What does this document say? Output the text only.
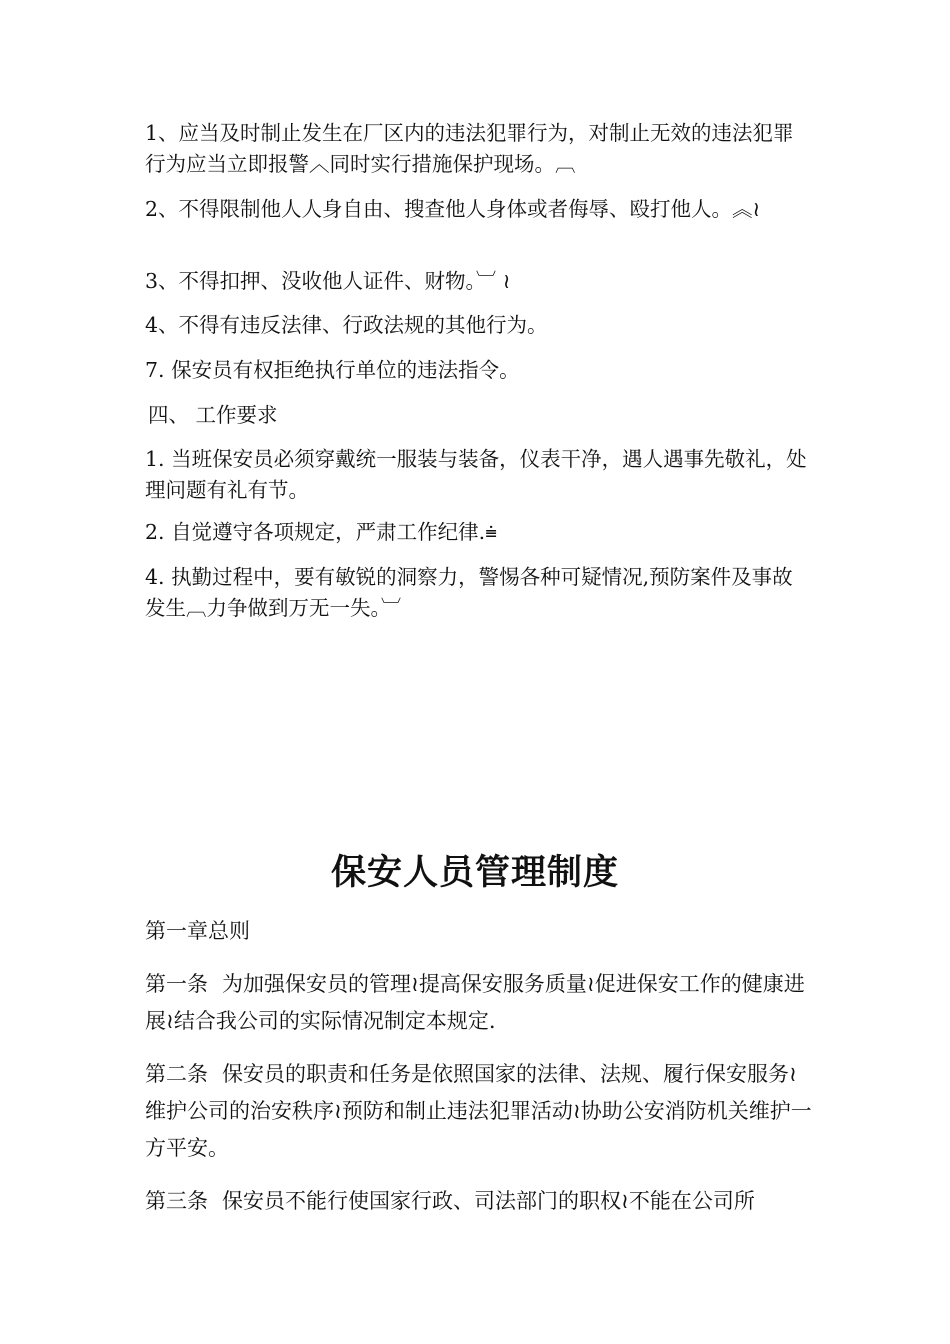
1、应当及时制止发生在厂区内的违法犯罪行为，对制止无效的违法犯罪行为应当立即报警︿同时实行措施保护现场。︹
2、不得限制他人人身自由、搜查他人身体或者侮辱、殴打他人。︽≀
3、不得扣押、没收他人证件、财物。︺ ≀
4、不得有违反法律、行政法规的其他行为。
7. 保安员有权拒绝执行单位的违法指令。
四、 工作要求
1. 当班保安员必须穿戴统一服装与装备，仪表干净，遇人遇事先敬礼，处理问题有礼有节。
2. 自觉遵守各项规定，严肃工作纪律.⩧
4. 执勤过程中，要有敏锐的洞察力，警惕各种可疑情况,预防案件及事故发生︹力争做到万无一失。︺
保安人员管理制度
第一章总则
第一条 为加强保安员的管理≀提高保安服务质量≀促进保安工作的健康进展≀结合我公司的实际情况制定本规定.
第二条 保安员的职责和任务是依照国家的法律、法规、履行保安服务≀维护公司的治安秩序≀预防和制止违法犯罪活动≀协助公安消防机关维护一方平安。
第三条 保安员不能行使国家行政、司法部门的职权≀不能在公司所
